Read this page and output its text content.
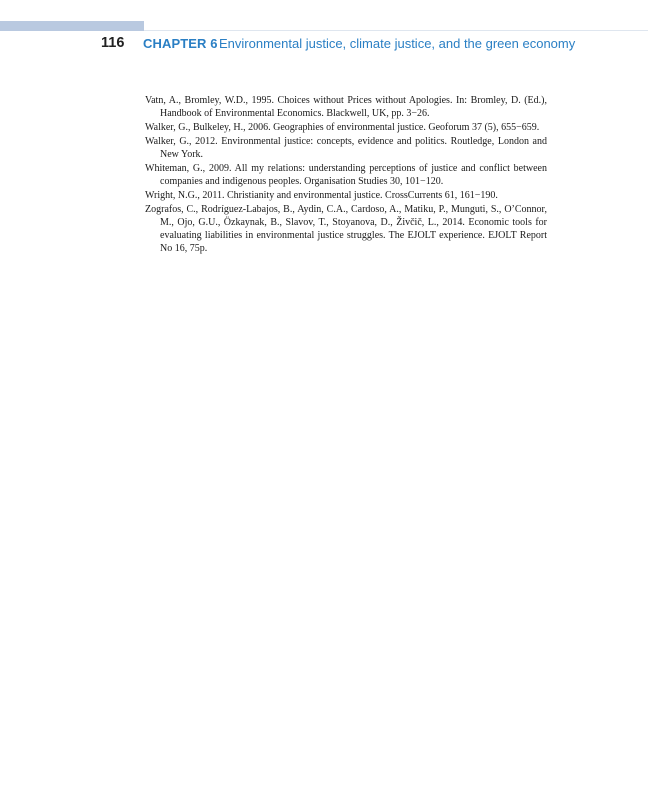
116 CHAPTER 6 Environmental justice, climate justice, and the green economy
Vatn, A., Bromley, W.D., 1995. Choices without Prices without Apologies. In: Bromley, D. (Ed.), Handbook of Environmental Economics. Blackwell, UK, pp. 3−26.
Walker, G., Bulkeley, H., 2006. Geographies of environmental justice. Geoforum 37 (5), 655−659.
Walker, G., 2012. Environmental justice: concepts, evidence and politics. Routledge, London and New York.
Whiteman, G., 2009. All my relations: understanding perceptions of justice and conflict between companies and indigenous peoples. Organisation Studies 30, 101−120.
Wright, N.G., 2011. Christianity and environmental justice. CrossCurrents 61, 161−190.
Zografos, C., Rodríguez-Labajos, B., Aydin, C.A., Cardoso, A., Matiku, P., Munguti, S., O’Connor, M., Ojo, G.U., Özkaynak, B., Slavov, T., Stoyanova, D., Živčič, L., 2014. Economic tools for evaluating liabilities in environmental justice struggles. The EJOLT experience. EJOLT Report No 16, 75p.
